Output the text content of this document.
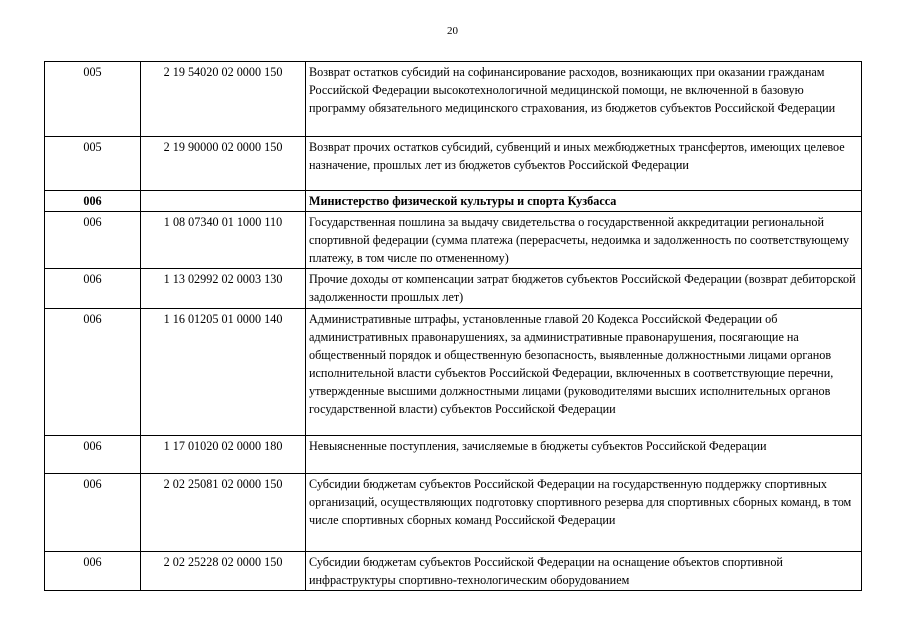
20
005	2 19 54020 02 0000 150	Возврат остатков субсидий на софинансирование расходов, возникающих при оказании гражданам Российской Федерации высокотехнологичной медицинской помощи, не включенной в базовую программу обязательного медицинского страхования, из бюджетов субъектов Российской Федерации
005	2 19 90000 02 0000 150	Возврат прочих остатков субсидий, субвенций и иных межбюджетных трансфертов, имеющих целевое назначение, прошлых лет из бюджетов субъектов Российской Федерации
006		Министерство физической культуры и спорта Кузбасса
006	1 08 07340 01 1000 110	Государственная пошлина за выдачу свидетельства о государственной аккредитации региональной спортивной федерации (сумма платежа (перерасчеты, недоимка и задолженность по соответствующему платежу, в том числе по отмененному)
006	1 13 02992 02 0003 130	Прочие доходы от компенсации затрат бюджетов субъектов Российской Федерации (возврат дебиторской задолженности прошлых лет)
006	1 16 01205 01 0000 140	Административные штрафы, установленные главой 20 Кодекса Российской Федерации об административных правонарушениях, за административные правонарушения, посягающие на общественный порядок и общественную безопасность, выявленные должностными лицами органов исполнительной власти субъектов Российской Федерации, включенных в соответствующие перечни, утвержденные высшими должностными лицами (руководителями высших исполнительных органов государственной власти) субъектов Российской Федерации
006	1 17 01020 02 0000 180	Невыясненные поступления, зачисляемые в бюджеты субъектов Российской Федерации
006	2 02 25081 02 0000 150	Субсидии бюджетам субъектов Российской Федерации на государственную поддержку спортивных организаций, осуществляющих подготовку спортивного резерва для спортивных сборных команд, в том числе спортивных сборных команд Российской Федерации
006	2 02 25228 02 0000 150	Субсидии бюджетам субъектов Российской Федерации на оснащение объектов спортивной инфраструктуры спортивно-технологическим оборудованием
